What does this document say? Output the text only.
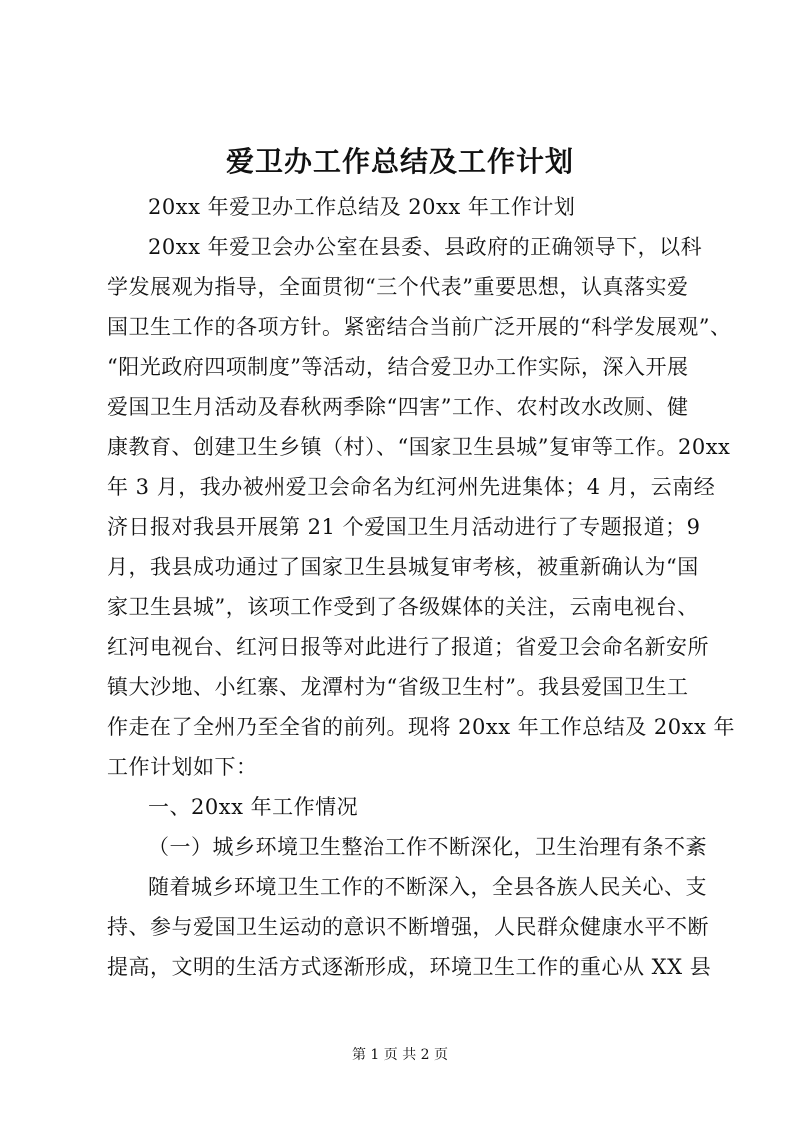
爱卫办工作总结及工作计划
20xx 年爱卫办工作总结及 20xx 年工作计划
20xx 年爱卫会办公室在县委、县政府的正确领导下，以科
学发展观为指导，全面贯彻“三个代表”重要思想，认真落实爱
国卫生工作的各项方针。紧密结合当前广泛开展的“科学发展观”、
“阳光政府四项制度”等活动，结合爱卫办工作实际，深入开展
爱国卫生月活动及春秋两季除“四害”工作、农村改水改厕、健
康教育、创建卫生乡镇（村）、“国家卫生县城”复审等工作。20xx
年 3 月，我办被州爱卫会命名为红河州先进集体；4 月，云南经
济日报对我县开展第 21 个爱国卫生月活动进行了专题报道；9
月，我县成功通过了国家卫生县城复审考核，被重新确认为“国
家卫生县城”，该项工作受到了各级媒体的关注，云南电视台、
红河电视台、红河日报等对此进行了报道；省爱卫会命名新安所
镇大沙地、小红寨、龙潭村为“省级卫生村”。我县爱国卫生工
作走在了全州乃至全省的前列。现将 20xx 年工作总结及 20xx 年
工作计划如下：
一、20xx 年工作情况
（一）城乡环境卫生整治工作不断深化，卫生治理有条不紊
随着城乡环境卫生工作的不断深入，全县各族人民关心、支
持、参与爱国卫生运动的意识不断增强，人民群众健康水平不断
提高，文明的生活方式逐渐形成，环境卫生工作的重心从 XX 县
第 1 页 共 2 页
